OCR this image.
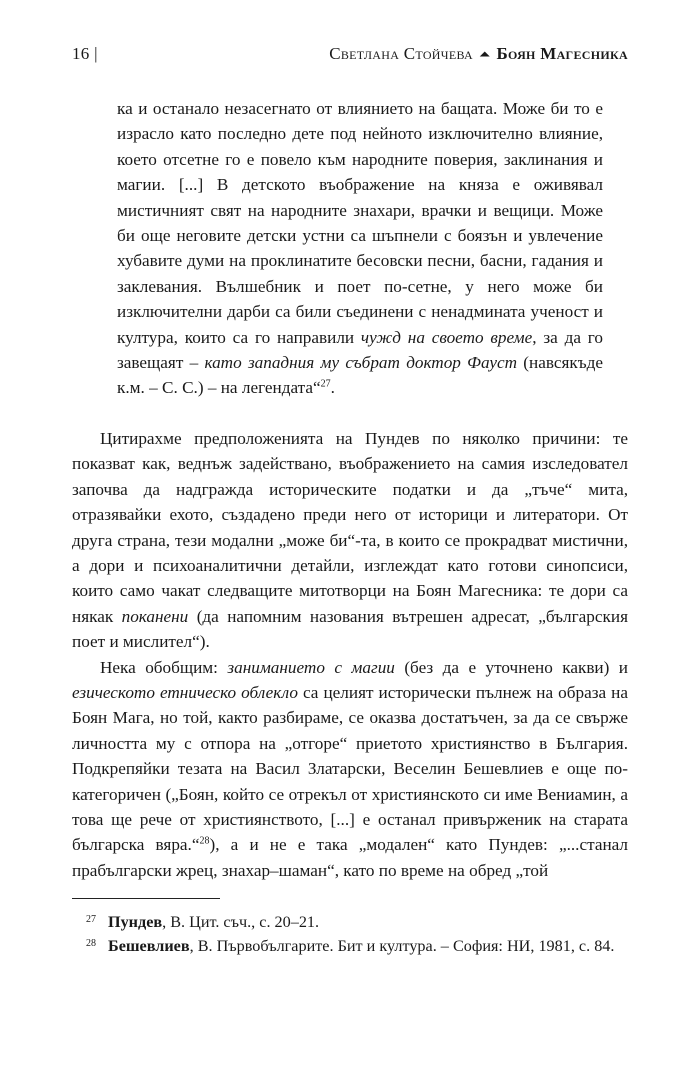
16 |	Светлана Стойчева ⏶ Боян Магесника

ка и останало незасегнато от влиянието на бащата. Може би то е израсло като последно дете под нейното изключително влияние, което отсетне го е повело към народните поверия, заклинания и магии. [...] В детското въображение на княза е оживявал мистичният свят на народните знахари, врачки и вещици. Може би още неговите детски устни са шъпнели с боязън и увлечение хубавите думи на проклинатите бесовски песни, басни, гадания и заклевания. Вълшебник и поет по-сетне, у него може би изключителни дарби са били съединени с ненадмината ученост и култура, които са го направили чужд на своето време, за да го завещаят – като западния му събрат доктор Фауст (навсякъде к.м. – С. С.) – на легендата“$^{27}$.

Цитирахме предположенията на Пундев по няколко причини: те показват как, веднъж задействано, въображението на самия изследовател започва да надгражда историческите податки и да „тъче“ мита, отразявайки ехото, създадено преди него от историци и литератори. От друга страна, тези модални „може би“-та, в които се прокрадват мистични, а дори и психоаналитични детайли, изглеждат като готови синопсиси, които само чакат следващите митотворци на Боян Магесника: те дори са някак поканени (да напомним назования вътрешен адресат, „българския поет и мислител“).

Нека обобщим: заниманието с магии (без да е уточнено какви) и езическото етническо облекло са целият исторически пълнеж на образа на Боян Мага, но той, както разбираме, се оказва достатъчен, за да се свърже личността му с отпора на „отгоре“ приетото християнство в България. Подкрепяйки тезата на Васил Златарски, Веселин Бешевлиев е още по-категоричен („Боян, който се отрекъл от християнското си име Вениамин, а това ще рече от християнството, [...] е останал привърженик на старата българска вяра.“$^{28}$), а и не е така „модален“ като Пундев: „...станал прабългарски жрец, знахар–шаман“, като по време на обред „той

27 Пундев, В. Цит. съч., с. 20–21.
28 Бешевлиев, В. Първобългарите. Бит и култура. – София: НИ, 1981, с. 84.
